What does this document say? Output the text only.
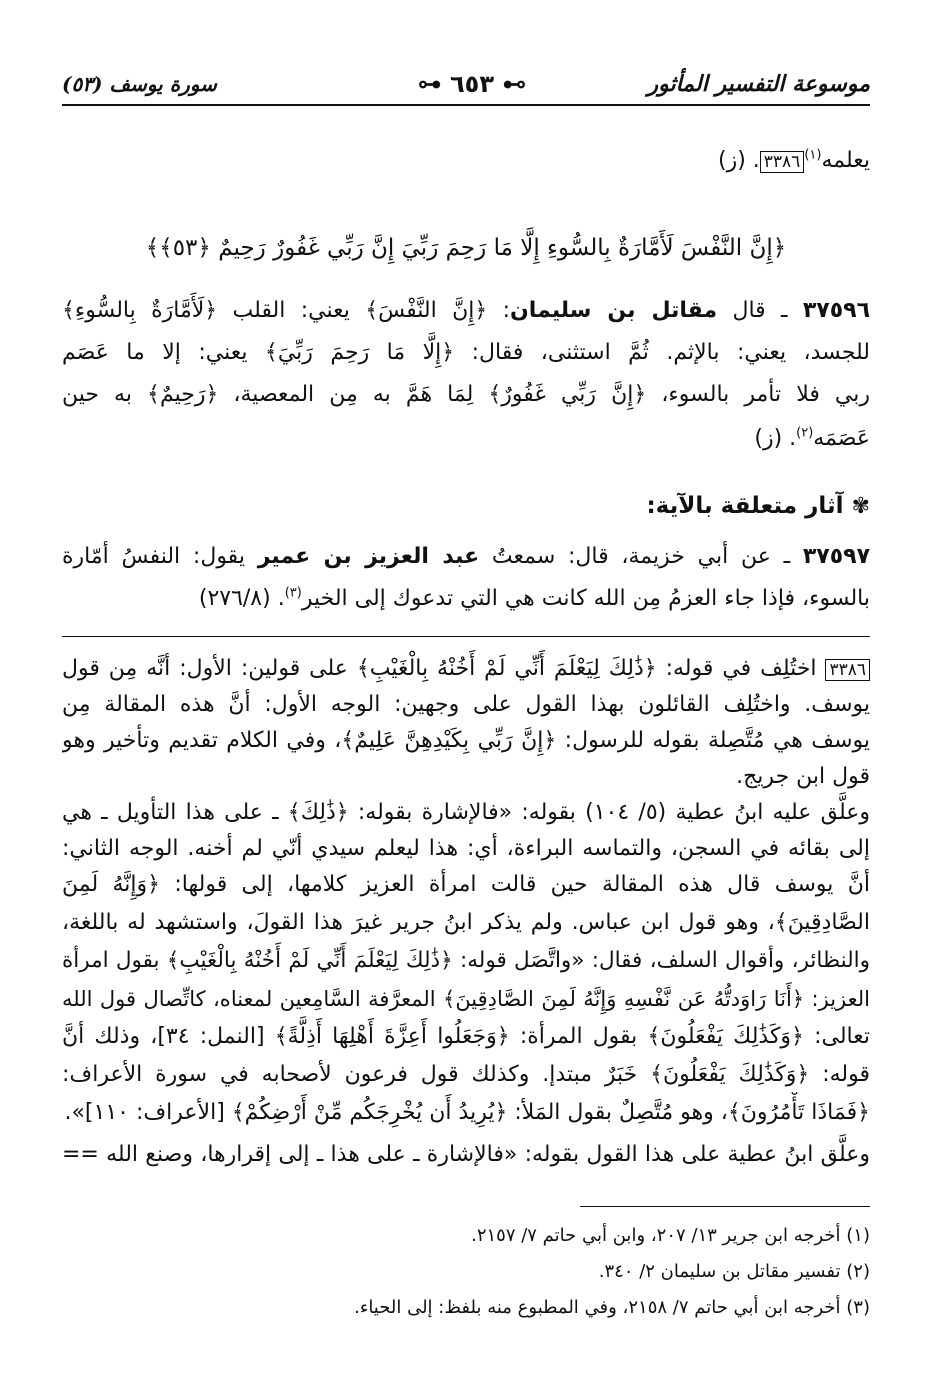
موسوعة التفسير المأثور
⊶ ٦٥٣ ⊷
سورة يوسف (٥٣)
يعلمه$^{(١)}$٣٣٨٦. (ز)
﴿إِنَّ النَّفْسَ لَأَمَّارَةٌ بِالسُّوءِ إِلَّا مَا رَحِمَ رَبِّيَ إِنَّ رَبِّي غَفُورٌ رَحِيمٌ ﴿٥٣﴾﴾
٣٧٥٩٦ ـ قال مقاتل بن سليمان: ﴿إِنَّ النَّفْسَ﴾ يعني: القلب ﴿لَأَمَّارَةٌ بِالسُّوءِ﴾
للجسد، يعني: بالإثم. ثُمَّ استثنى، فقال: ﴿إِلَّا مَا رَحِمَ رَبِّيَ﴾ يعني: إلا ما عَصَم
ربي فلا تأمر بالسوء، ﴿إِنَّ رَبِّي غَفُورٌ﴾ لِمَا هَمَّ به مِن المعصية، ﴿رَحِيمٌ﴾ به حين
عَصَمَه$^{(٢)}$. (ز)
✾ آثار متعلقة بالآية:
٣٧٥٩٧ ـ عن أبي خزيمة، قال: سمعتُ عبد العزيز بن عمير يقول: النفسُ أمّارة
بالسوء، فإذا جاء العزمُ مِن الله كانت هي التي تدعوك إلى الخير$^{(٣)}$. (٢٧٦/٨)
٣٣٨٦ اختُلِف في قوله: ﴿ذَٰلِكَ لِيَعْلَمَ أَنِّي لَمْ أَخُنْهُ بِالْغَيْبِ﴾ على قولين: الأول: أنَّه مِن قول
يوسف. واختُلِف القائلون بهذا القول على وجهين: الوجه الأول: أنَّ هذه المقالة مِن
يوسف هي مُتَّصِلة بقوله للرسول: ﴿إِنَّ رَبِّي بِكَيْدِهِنَّ عَلِيمٌ﴾، وفي الكلام تقديم وتأخير وهو
قول ابن جريج.
وعلَّق عليه ابنُ عطية (٥/ ١٠٤) بقوله: «فالإشارة بقوله: ﴿ذَٰلِكَ﴾ ـ على هذا التأويل ـ هي
إلى بقائه في السجن، والتماسه البراءة، أي: هذا ليعلم سيدي أنّي لم أخنه. الوجه الثاني:
أنَّ يوسف قال هذه المقالة حين قالت امرأة العزيز كلامها، إلى قولها: ﴿وَإِنَّهُ لَمِنَ
الصَّادِقِينَ﴾، وهو قول ابن عباس. ولم يذكر ابنُ جرير غيرَ هذا القولَ، واستشهد له باللغة،
والنظائر، وأقوال السلف، فقال: «واتَّصَل قوله: ﴿ذَٰلِكَ لِيَعْلَمَ أَنِّي لَمْ أَخُنْهُ بِالْغَيْبِ﴾ بقول امرأة
العزيز: ﴿أَنَا رَاوَدتُّهُ عَن نَّفْسِهِ وَإِنَّهُ لَمِنَ الصَّادِقِينَ﴾ المعرَّفة السَّامِعين لمعناه، كاتِّصال قول الله
تعالى: ﴿وَكَذَٰلِكَ يَفْعَلُونَ﴾ بقول المرأة: ﴿وَجَعَلُوا أَعِزَّةَ أَهْلِهَا أَذِلَّةً﴾ [النمل: ٣٤]، وذلك أنَّ
قوله: ﴿وَكَذَٰلِكَ يَفْعَلُونَ﴾ خَبَرٌ مبتدإ. وكذلك قول فرعون لأصحابه في سورة الأعراف:
﴿فَمَاذَا تَأْمُرُونَ﴾، وهو مُتَّصِلٌ بقول المَلأ: ﴿يُرِيدُ أَن يُخْرِجَكُم مِّنْ أَرْضِكُمْ﴾ [الأعراف: ١١٠]».
وعلَّق ابنُ عطية على هذا القول بقوله: «فالإشارة ـ على هذا ـ إلى إقرارها، وصنع الله ==
(١) أخرجه ابن جرير ١٣/ ٢٠٧، وابن أبي حاتم ٧/ ٢١٥٧.
(٢) تفسير مقاتل بن سليمان ٢/ ٣٤٠.
(٣) أخرجه ابن أبي حاتم ٧/ ٢١٥٨، وفي المطبوع منه بلفظ: إلى الحياء.
